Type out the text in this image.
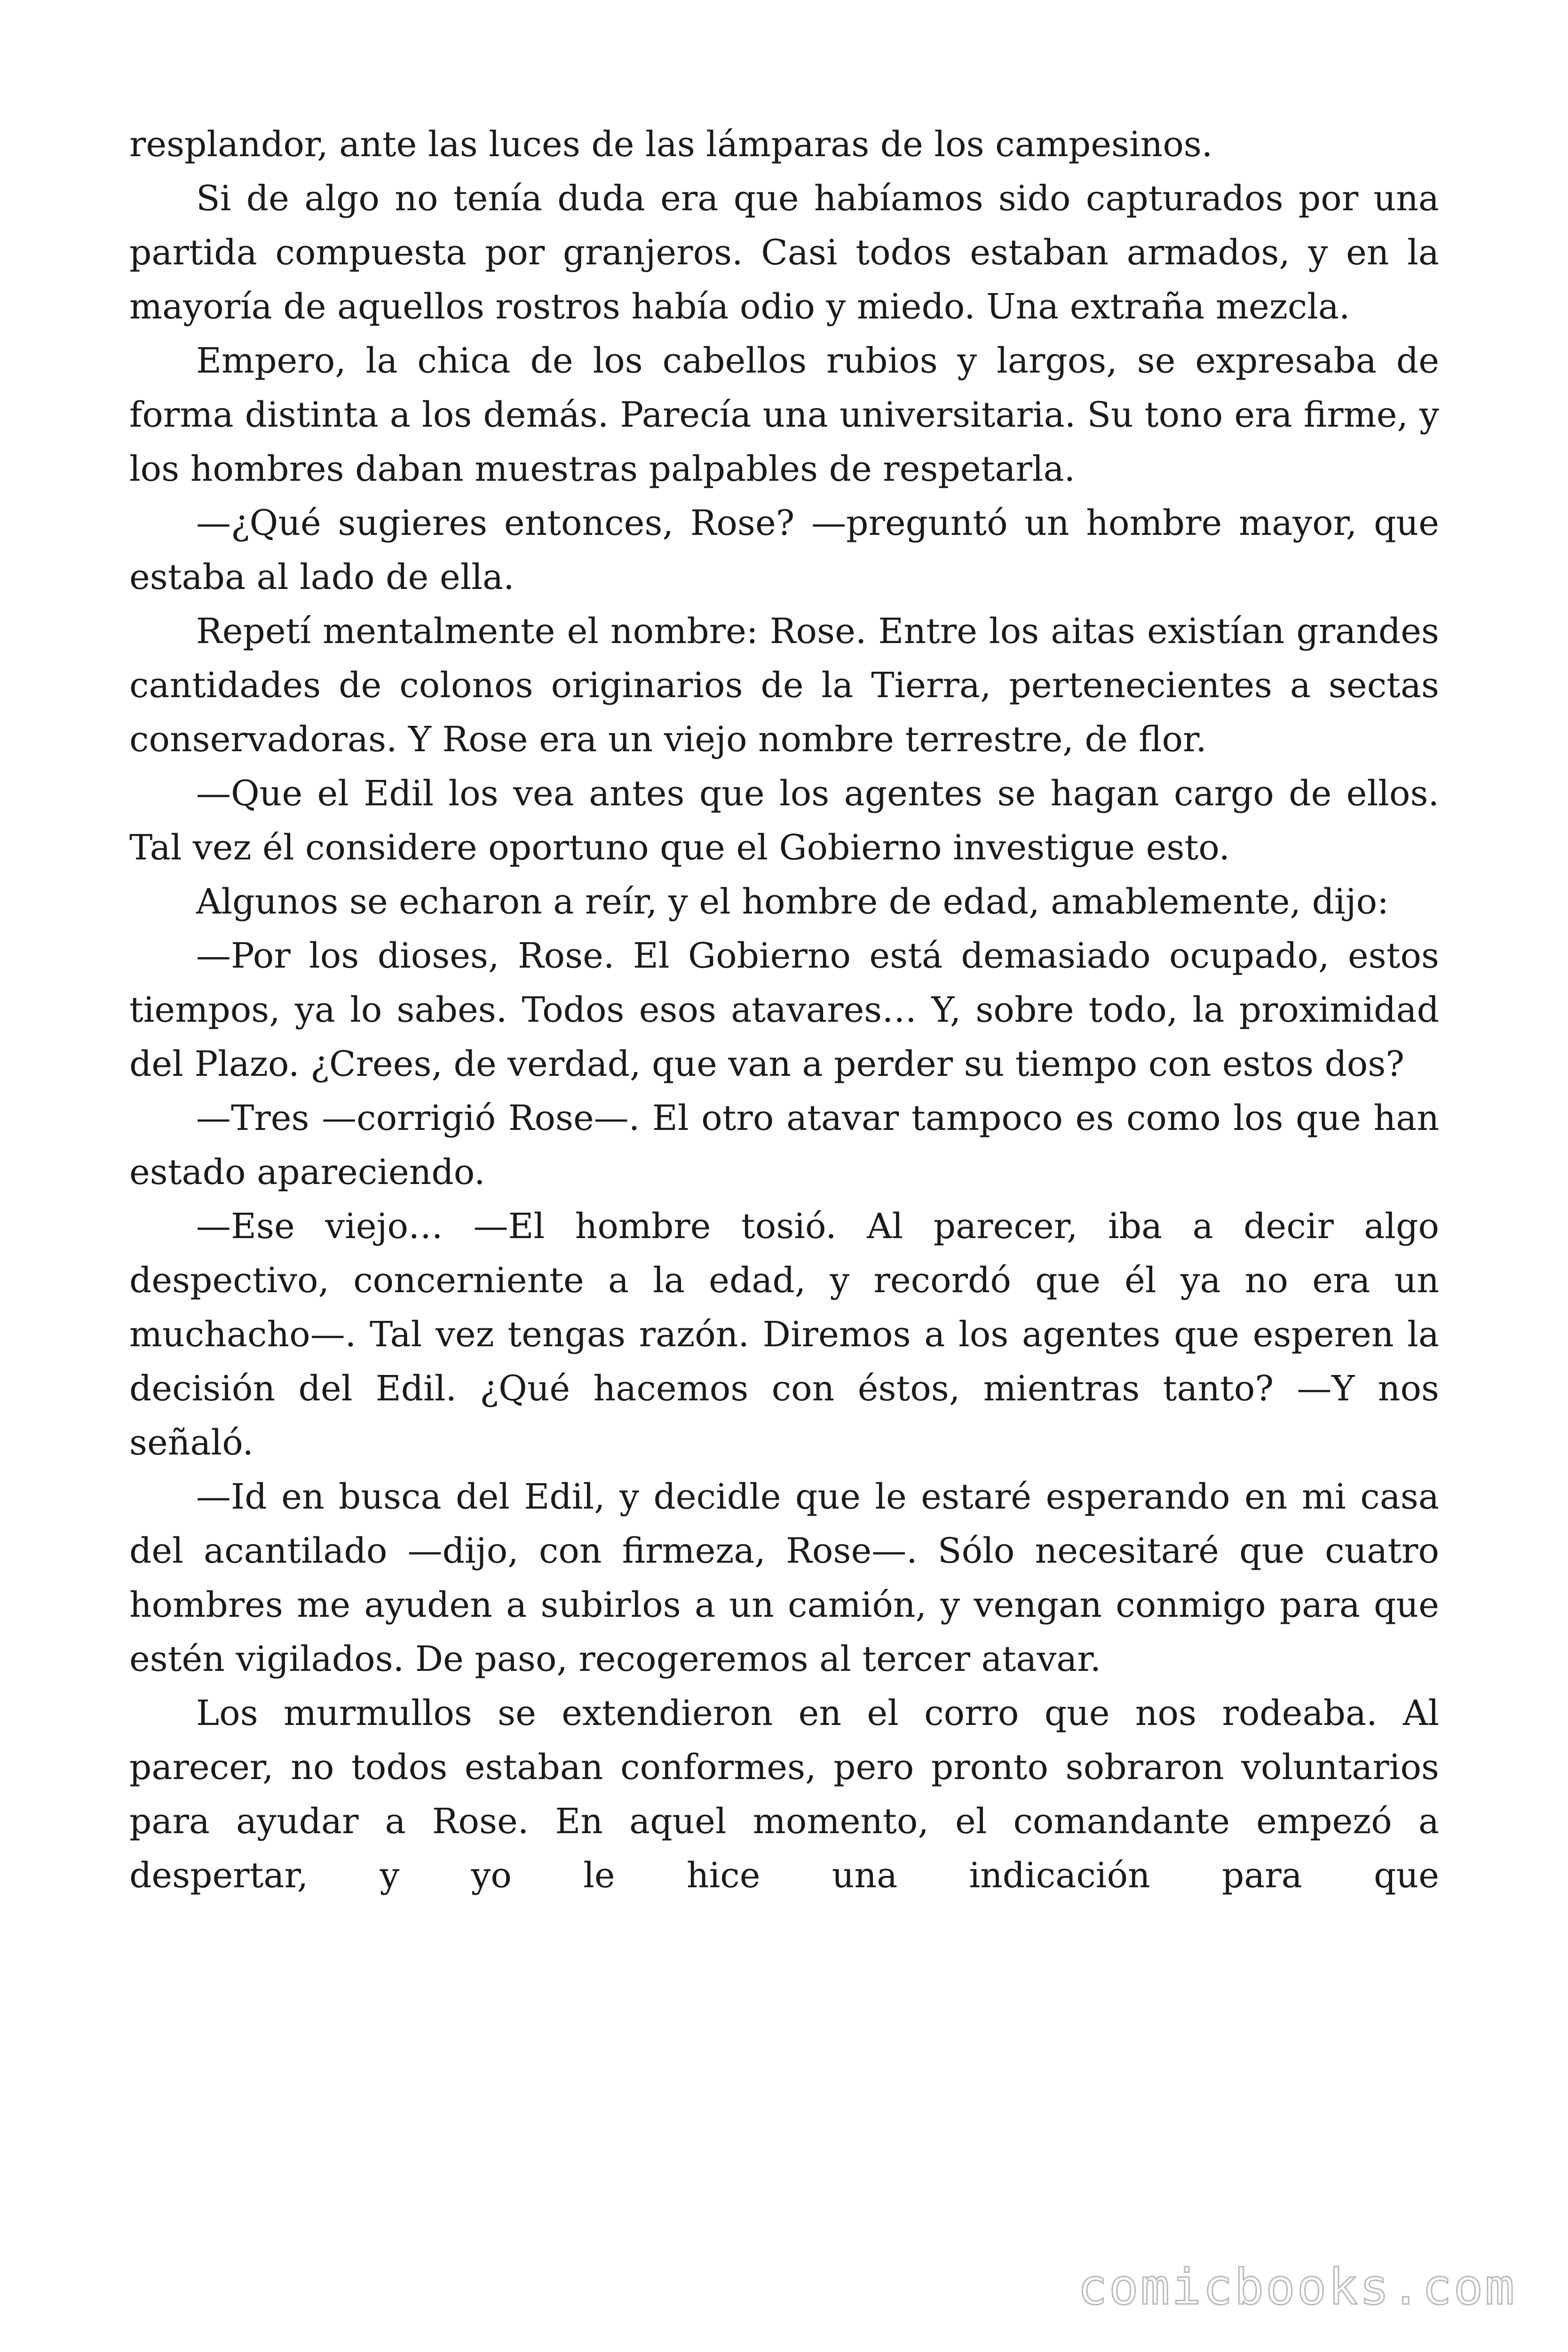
resplandor, ante las luces de las lámparas de los campesinos.

Si de algo no tenía duda era que habíamos sido capturados por una partida compuesta por granjeros. Casi todos estaban armados, y en la mayoría de aquellos rostros había odio y miedo. Una extraña mezcla.

Empero, la chica de los cabellos rubios y largos, se expresaba de forma distinta a los demás. Parecía una universitaria. Su tono era firme, y los hombres daban muestras palpables de respetarla.

—¿Qué sugieres entonces, Rose? —preguntó un hombre mayor, que estaba al lado de ella.

Repetí mentalmente el nombre: Rose. Entre los aitas existían grandes cantidades de colonos originarios de la Tierra, pertenecientes a sectas conservadoras. Y Rose era un viejo nombre terrestre, de flor.

—Que el Edil los vea antes que los agentes se hagan cargo de ellos. Tal vez él considere oportuno que el Gobierno investigue esto.

Algunos se echaron a reír, y el hombre de edad, amablemente, dijo:

—Por los dioses, Rose. El Gobierno está demasiado ocupado, estos tiempos, ya lo sabes. Todos esos atavares… Y, sobre todo, la proximidad del Plazo. ¿Crees, de verdad, que van a perder su tiempo con estos dos?

—Tres —corrigió Rose—. El otro atavar tampoco es como los que han estado apareciendo.

—Ese viejo… —El hombre tosió. Al parecer, iba a decir algo despectivo, concerniente a la edad, y recordó que él ya no era un muchacho—. Tal vez tengas razón. Diremos a los agentes que esperen la decisión del Edil. ¿Qué hacemos con éstos, mientras tanto? —Y nos señaló.

—Id en busca del Edil, y decidle que le estaré esperando en mi casa del acantilado —dijo, con firmeza, Rose—. Sólo necesitaré que cuatro hombres me ayuden a subirlos a un camión, y vengan conmigo para que estén vigilados. De paso, recogeremos al tercer atavar.

Los murmullos se extendieron en el corro que nos rodeaba. Al parecer, no todos estaban conformes, pero pronto sobraron voluntarios para ayudar a Rose. En aquel momento, el comandante empezó a despertar, y yo le hice una indicación para que

comicbooks.com
